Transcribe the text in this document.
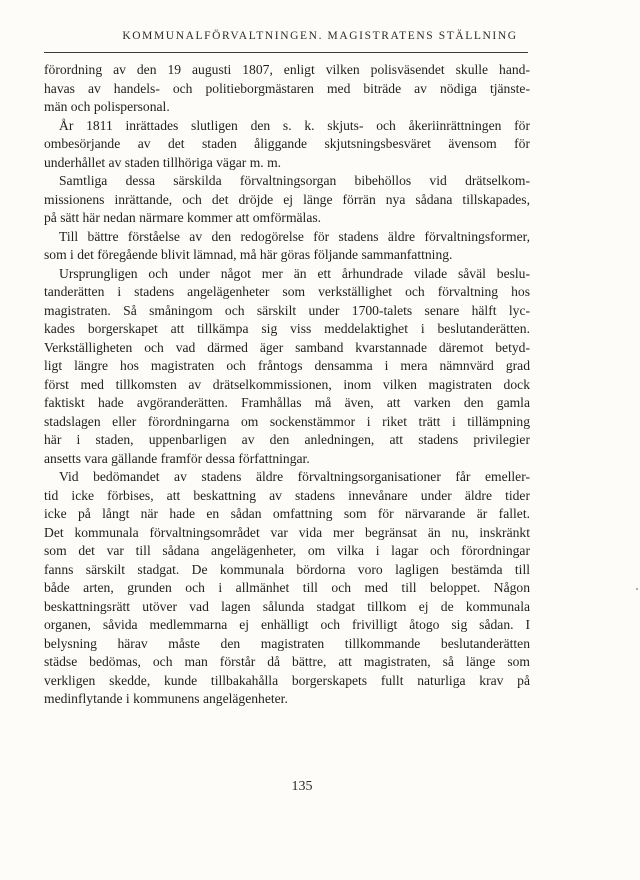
KOMMUNALFÖRVALTNINGEN. MAGISTRATENS STÄLLNING
förordning av den 19 augusti 1807, enligt vilken polisväsendet skulle hand-
havas av handels- och politieborgmästaren med biträde av nödiga tjänste-
män och polispersonal.
År 1811 inrättades slutligen den s. k. skjuts- och åkeriinrättningen för
ombesörjande av det staden åliggande skjutsningsbesväret ävensom för
underhållet av staden tillhöriga vägar m. m.
Samtliga dessa särskilda förvaltningsorgan bibehöllos vid drätselkom-
missionens inrättande, och det dröjde ej länge förrän nya sådana tillskapades,
på sätt här nedan närmare kommer att omförmälas.
Till bättre förståelse av den redogörelse för stadens äldre förvaltningsformer,
som i det föregående blivit lämnad, må här göras följande sammanfattning.
Ursprungligen och under något mer än ett århundrade vilade såväl beslu-
tanderätten i stadens angelägenheter som verkställighet och förvaltning hos
magistraten. Så småningom och särskilt under 1700-talets senare hälft lyc-
kades borgerskapet att tillkämpa sig viss meddelaktighet i beslutanderätten.
Verkställigheten och vad därmed äger samband kvarstannade däremot betyd-
ligt längre hos magistraten och fråntogs densamma i mera nämnvärd grad
först med tillkomsten av drätselkommissionen, inom vilken magistraten dock
faktiskt hade avgöranderätten. Framhållas må även, att varken den gamla
stadslagen eller förordningarna om sockenstämmor i riket trätt i tillämpning
här i staden, uppenbarligen av den anledningen, att stadens privilegier
ansetts vara gällande framför dessa författningar.
Vid bedömandet av stadens äldre förvaltningsorganisationer får emeller-
tid icke förbises, att beskattning av stadens innevånare under äldre tider
icke på långt när hade en sådan omfattning som för närvarande är fallet.
Det kommunala förvaltningsområdet var vida mer begränsat än nu, inskränkt
som det var till sådana angelägenheter, om vilka i lagar och förordningar
fanns särskilt stadgat. De kommunala bördorna voro lagligen bestämda till
både arten, grunden och i allmänhet till och med till beloppet. Någon
beskattningsrätt utöver vad lagen sålunda stadgat tillkom ej de kommunala
organen, såvida medlemmarna ej enhälligt och frivilligt åtogo sig sådan. I
belysning härav måste den magistraten tillkommande beslutanderätten
städse bedömas, och man förstår då bättre, att magistraten, så länge som
verkligen skedde, kunde tillbakahålla borgerskapets fullt naturliga krav på
medinflytande i kommunens angelägenheter.
135
